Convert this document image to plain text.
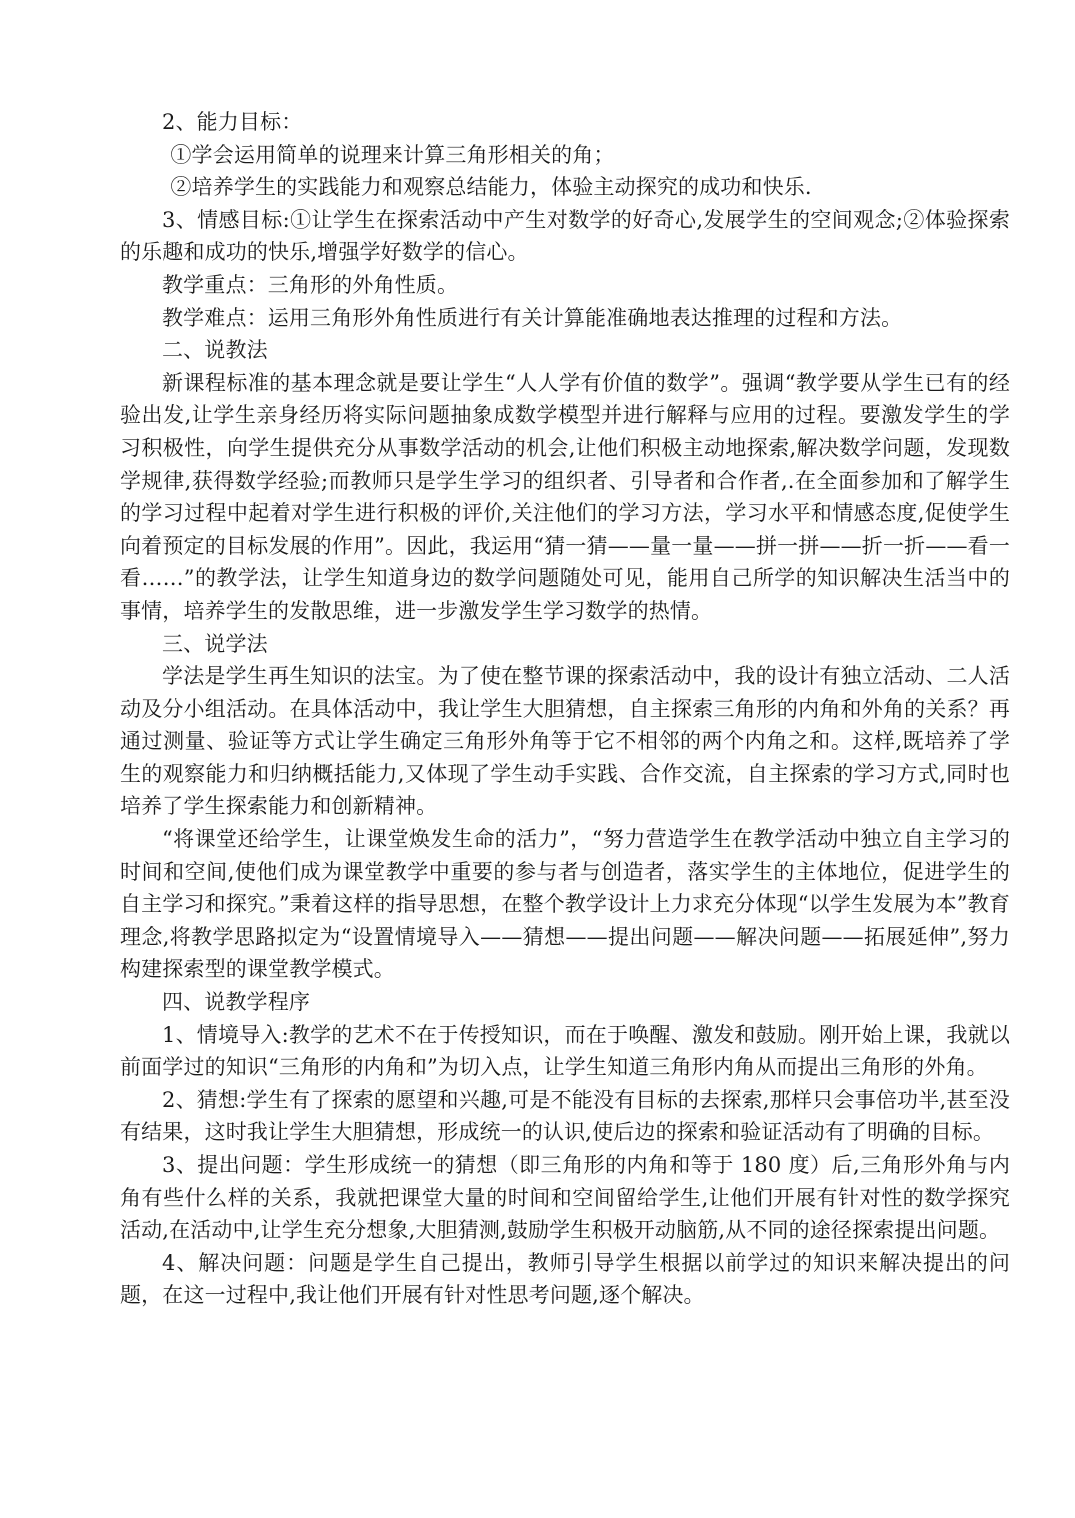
2、能力目标：

①学会运用简单的说理来计算三角形相关的角；

②培养学生的实践能力和观察总结能力，体验主动探究的成功和快乐.

3、情感目标:①让学生在探索活动中产生对数学的好奇心,发展学生的空间观念;②体验探索的乐趣和成功的快乐,增强学好数学的信心。

教学重点：三角形的外角性质。

教学难点：运用三角形外角性质进行有关计算能准确地表达推理的过程和方法。

二、说教法

新课程标准的基本理念就是要让学生“人人学有价值的数学”。强调“教学要从学生已有的经验出发,让学生亲身经历将实际问题抽象成数学模型并进行解释与应用的过程。要激发学生的学习积极性，向学生提供充分从事数学活动的机会,让他们积极主动地探索,解决数学问题，发现数学规律,获得数学经验;而教师只是学生学习的组织者、引导者和合作者,.在全面参加和了解学生的学习过程中起着对学生进行积极的评价,关注他们的学习方法，学习水平和情感态度,促使学生向着预定的目标发展的作用”。因此，我运用“猜一猜——量一量——拼一拼——折一折——看一看……”的教学法，让学生知道身边的数学问题随处可见，能用自己所学的知识解决生活当中的事情，培养学生的发散思维，进一步激发学生学习数学的热情。

三、说学法

学法是学生再生知识的法宝。为了使在整节课的探索活动中，我的设计有独立活动、二人活动及分小组活动。在具体活动中，我让学生大胆猜想，自主探索三角形的内角和外角的关系？再通过测量、验证等方式让学生确定三角形外角等于它不相邻的两个内角之和。这样,既培养了学生的观察能力和归纳概括能力,又体现了学生动手实践、合作交流，自主探索的学习方式,同时也培养了学生探索能力和创新精神。

“将课堂还给学生，让课堂焕发生命的活力”，“努力营造学生在教学活动中独立自主学习的时间和空间,使他们成为课堂教学中重要的参与者与创造者，落实学生的主体地位，促进学生的自主学习和探究。”秉着这样的指导思想，在整个教学设计上力求充分体现“以学生发展为本”教育理念,将教学思路拟定为“设置情境导入——猜想——提出问题——解决问题——拓展延伸”,努力构建探索型的课堂教学模式。

四、说教学程序

1、情境导入:教学的艺术不在于传授知识，而在于唤醒、激发和鼓励。刚开始上课，我就以前面学过的知识“三角形的内角和”为切入点，让学生知道三角形内角从而提出三角形的外角。

2、猜想:学生有了探索的愿望和兴趣,可是不能没有目标的去探索,那样只会事倍功半,甚至没有结果，这时我让学生大胆猜想，形成统一的认识,使后边的探索和验证活动有了明确的目标。

3、提出问题：学生形成统一的猜想（即三角形的内角和等于 180 度）后,三角形外角与内角有些什么样的关系，我就把课堂大量的时间和空间留给学生,让他们开展有针对性的数学探究活动,在活动中,让学生充分想象,大胆猜测,鼓励学生积极开动脑筋,从不同的途径探索提出问题。

4、解决问题：问题是学生自己提出，教师引导学生根据以前学过的知识来解决提出的问题，在这一过程中,我让他们开展有针对性思考问题,逐个解决。
